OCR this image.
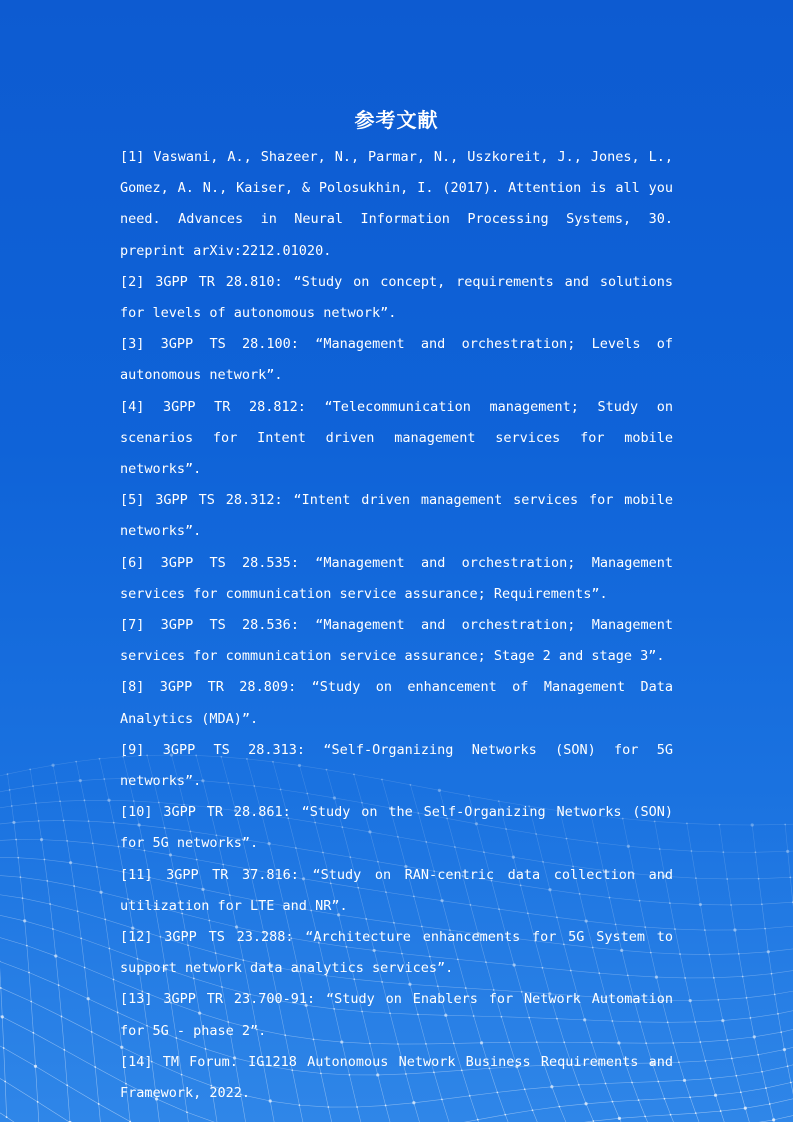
参考文献
[1] Vaswani, A., Shazeer, N., Parmar, N., Uszkoreit, J., Jones, L., Gomez, A. N., Kaiser, & Polosukhin, I. (2017). Attention is all you need. Advances in Neural Information Processing Systems, 30. preprint arXiv:2212.01020.
[2] 3GPP TR 28.810: “Study on concept, requirements and solutions for levels of autonomous network”.
[3] 3GPP TS 28.100: “Management and orchestration; Levels of autonomous network”.
[4] 3GPP TR 28.812: “Telecommunication management; Study on scenarios for Intent driven management services for mobile networks”.
[5] 3GPP TS 28.312: “Intent driven management services for mobile networks”.
[6] 3GPP TS 28.535: “Management and orchestration; Management services for communication service assurance; Requirements”.
[7] 3GPP TS 28.536: “Management and orchestration; Management services for communication service assurance; Stage 2 and stage 3”.
[8] 3GPP TR 28.809: “Study on enhancement of Management Data Analytics (MDA)”.
[9] 3GPP TS 28.313: “Self-Organizing Networks (SON) for 5G networks”.
[10] 3GPP TR 28.861: “Study on the Self-Organizing Networks (SON) for 5G networks”.
[11] 3GPP TR 37.816: “Study on RAN-centric data collection and utilization for LTE and NR”.
[12] 3GPP TS 23.288: “Architecture enhancements for 5G System to support network data analytics services”.
[13] 3GPP TR 23.700-91: “Study on Enablers for Network Automation for 5G - phase 2”.
[14] TM Forum. IG1218 Autonomous Network Business Requirements and Framework, 2022.
